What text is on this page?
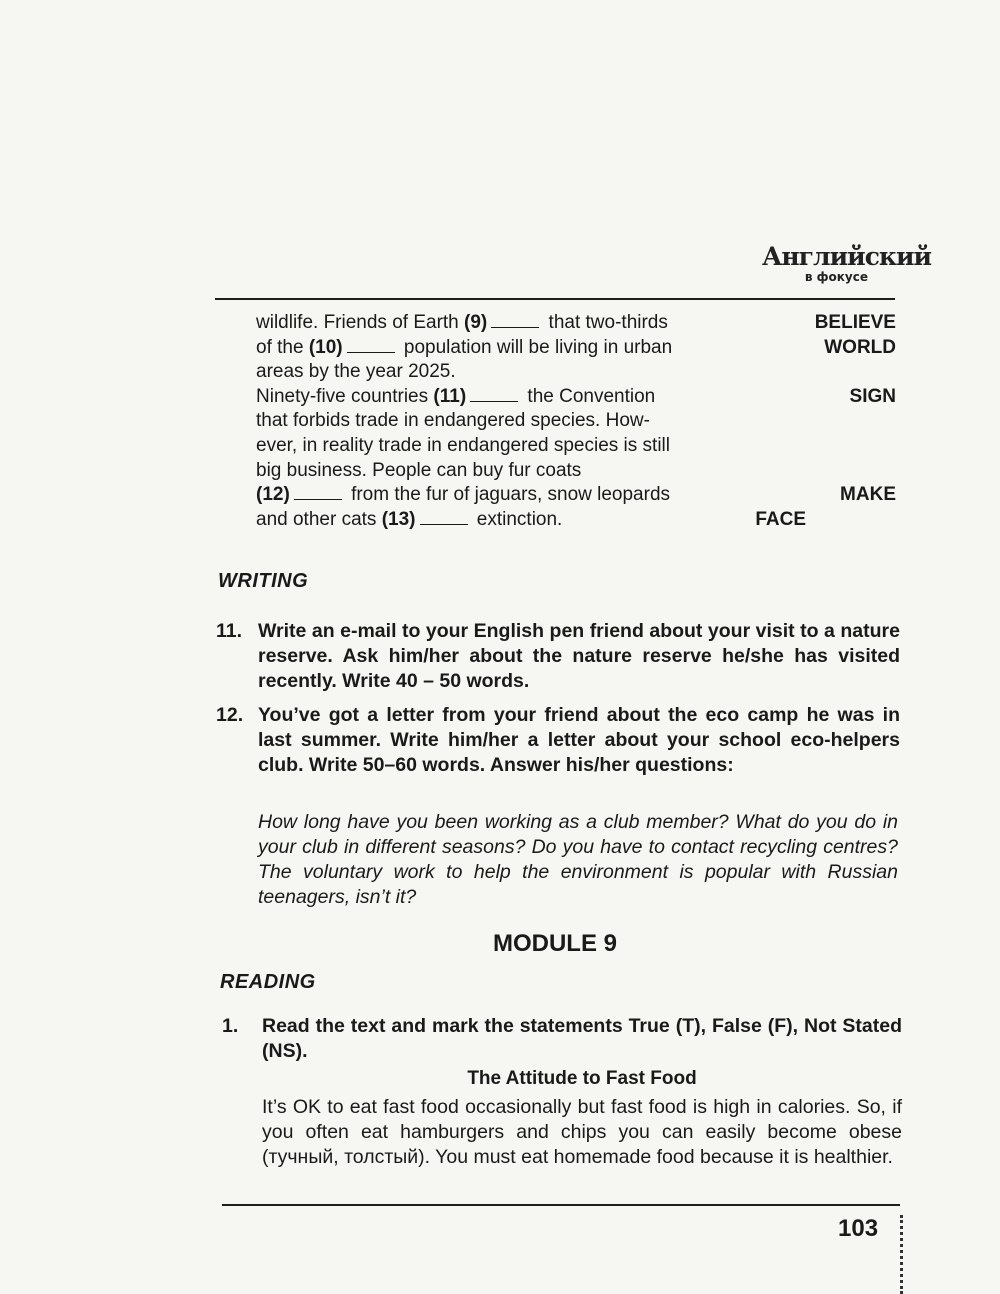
Английский
в фокусе
wildlife. Friends of Earth (9)	that two-thirds	BELIEVE
of the (10)	population will be living in urban	WORLD
areas by the year 2025.
Ninety-five countries (11)	the Convention	SIGN
that forbids trade in endangered species. How-
ever, in reality trade in endangered species is still
big business. People can buy fur coats
(12)	from the fur of jaguars, snow leopards	MAKE
and other cats (13)	extinction.	FACE
WRITING
11. Write an e-mail to your English pen friend about your visit to a nature reserve. Ask him/her about the nature reserve he/she has visited recently. Write 40 – 50 words.
12. You’ve got a letter from your friend about the eco camp he was in last summer. Write him/her a letter about your school eco-helpers club. Write 50–60 words. Answer his/her questions:
How long have you been working as a club member? What do you do in your club in different seasons? Do you have to contact recycling centres? The voluntary work to help the environment is popular with Russian teenagers, isn’t it?
MODULE 9
READING
1. Read the text and mark the statements True (T), False (F), Not Stated (NS).
The Attitude to Fast Food
It’s OK to eat fast food occasionally but fast food is high in calories. So, if you often eat hamburgers and chips you can easily become obese (тучный, толстый). You must eat homemade food because it is healthier.
103
